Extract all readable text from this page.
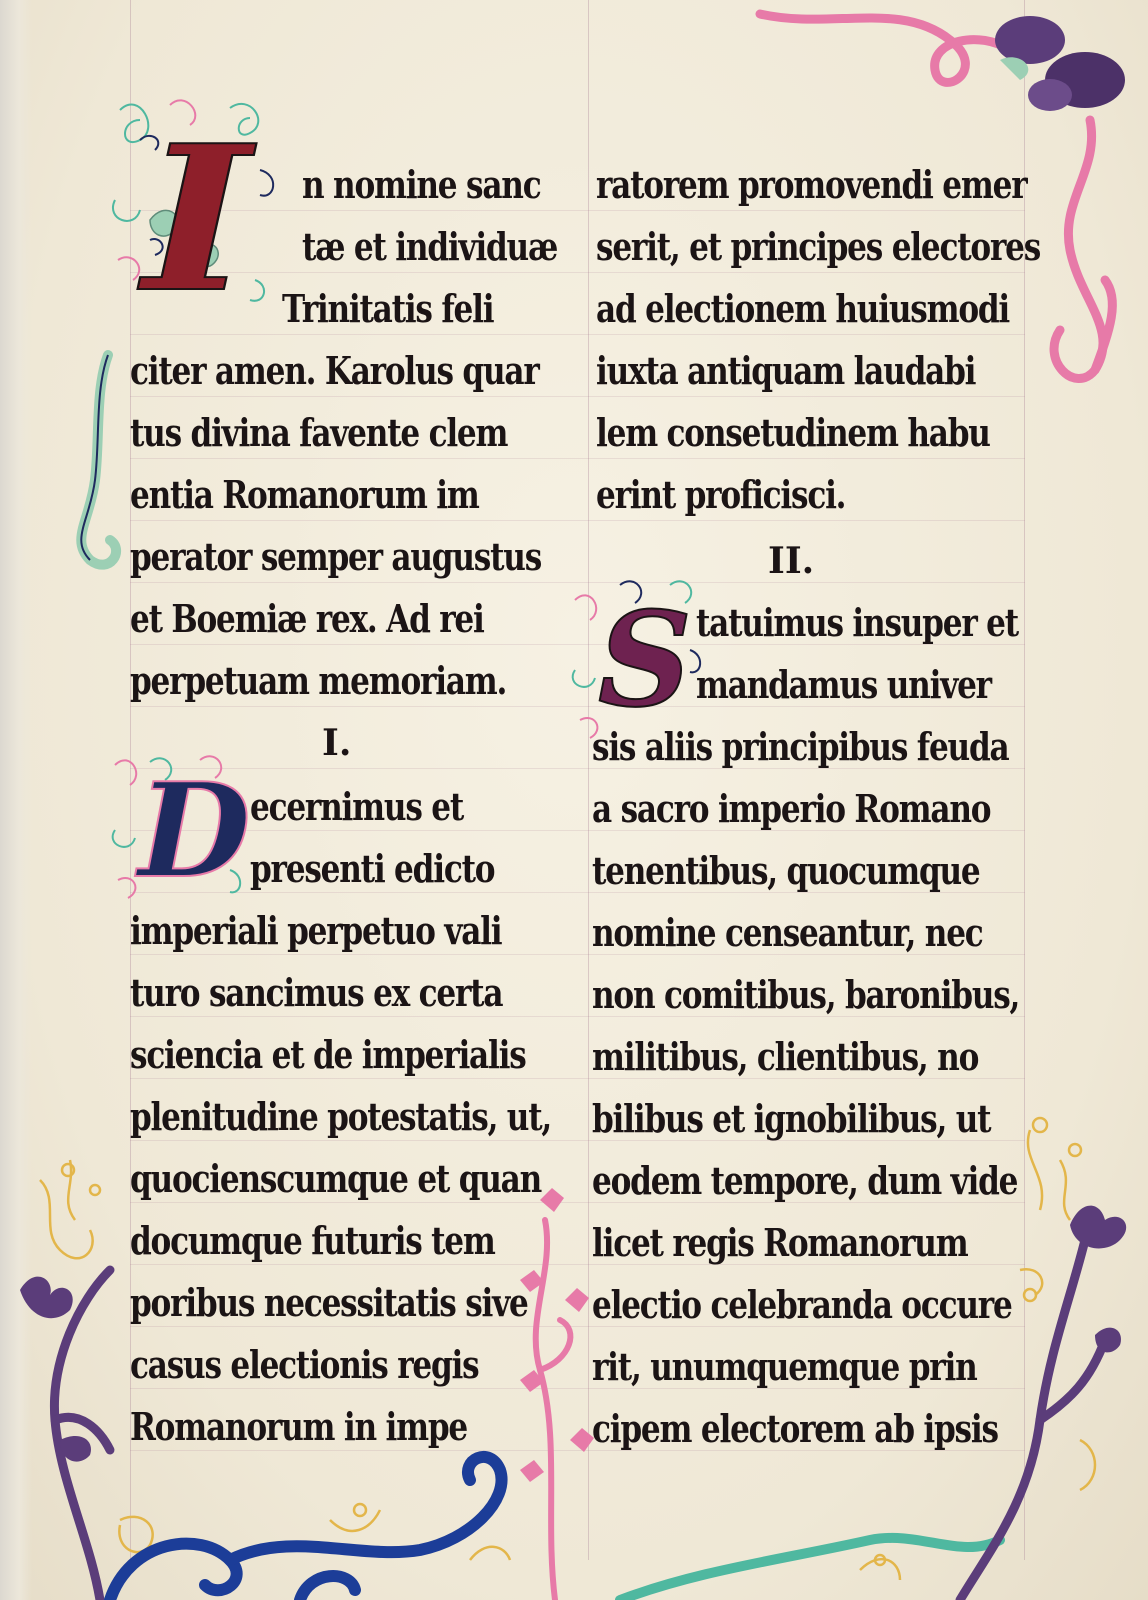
I
D
S
n nomine sanc
tæ et individuæ
Trinitatis feli
citer amen. Karolus quar
tus divina favente clem
entia Romanorum im
perator semper augustus
et Boemiæ rex. Ad rei
perpetuam memoriam.
I.
ecernimus et
presenti edicto
imperiali perpetuo vali
turo sancimus ex certa
sciencia et de imperialis
plenitudine potestatis, ut,
quocienscumque et quan
documque futuris tem
poribus necessitatis sive
casus electionis regis
Romanorum in impe
ratorem promovendi emer
serit, et principes electores
ad electionem huiusmodi
iuxta antiquam laudabi
lem consetudinem habu
erint proficisci.
II.
tatuimus insuper et
mandamus univer
sis aliis principibus feuda
a sacro imperio Romano
tenentibus, quocumque
nomine censeantur, nec
non comitibus, baronibus,
militibus, clientibus, no
bilibus et ignobilibus, ut
eodem tempore, dum vide
licet regis Romanorum
electio celebranda occure
rit, unumquemque prin
cipem electorem ab ipsis
